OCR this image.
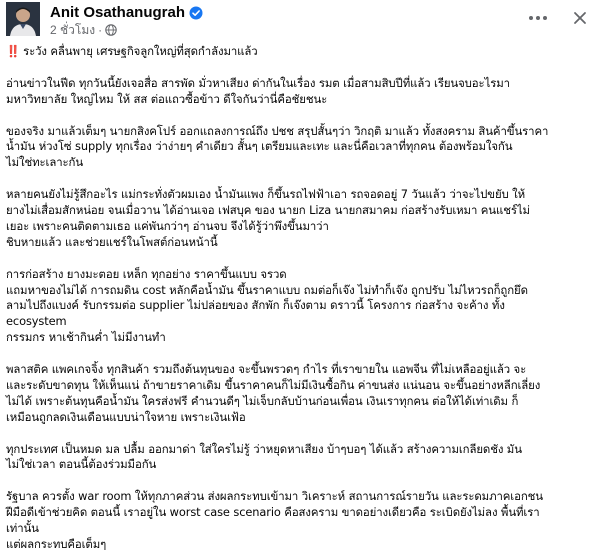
Anit Osathanugrah
2 ชั่วโมง ·

‼️ ระวัง คลื่นพายุ เศรษฐกิจลูกใหญ่ที่สุดกำลังมาแล้ว

อ่านข่าวในฟีด ทุกวันนี้ยังเจอสื่อ สารพัด มั่วหาเสียง ด่ากันในเรื่อง รมต เมื่อสามสิบปีที่แล้ว เรียนจบอะไรมา
มหาวิทยาลัย ใหญ่ไหม ให้ สส ต่อแถวซื้อข้าว ดีใจกันว่านี่คือชัยชนะ

ของจริง มาแล้วเต็มๆ นายกสิงคโปร์ ออกแถลงการณ์ถึง ปชช สรุปสั้นๆว่า วิกฤติ มาแล้ว ทั้งสงคราม สินค้าขึ้นราคา
น้ำมัน ห่วงโซ่ supply ทุกเรื่อง ว่าง่ายๆ คำเดียว สั้นๆ เตรียมและเทะ และนี่คือเวลาที่ทุกคน ต้องพร้อมใจกัน
ไม่ใช่ทะเลาะกัน

หลายคนยังไม่รู้สึกอะไร แม่กระทั่งตัวผมเอง น้ำมันแพง ก็ขึ้นรถไฟฟ้าเอา รถจอดอยู่ 7 วันแล้ว ว่าจะไปขยับ ให้
ยางไม่เสื่อมสักหน่อย จนเมื่อวาน ได้อ่านเจอ เฟสบุค ของ นายก Liza นายกสมาคม ก่อสร้างรับเหมา คนแชร์ไม่
เยอะ เพราะคนติดตามเธอ แค่พันกว่าๆ อ่านจบ จึงได้รู้ว่าพึงขึ้นมาว่า
ชิบหายแล้ว และช่วยแชร์ในโพสต์ก่อนหน้านี้

การก่อสร้าง ยางมะตอย เหล็ก ทุกอย่าง ราคาขึ้นแบบ จรวด
แถมหาของไม่ได้ การถมดิน cost หลักคือน้ำมัน ขึ้นราคาแบบ ถมต่อก็เจ๊ง ไม่ทำก็เจ๊ง ถูกปรับ ไม่ไหวรถก็ถูกยึด
ลามไปถึงแบงค์ รับกรรมต่อ supplier ไม่ปล่อยของ สักพัก ก็เจ๊งตาม ดราวนี้ โครงการ ก่อสร้าง จะค้าง ทั้ง
ecosystem
กรรมกร หาเช้ากินค่ำ ไม่มีงานทำ

พลาสติค แพคเกจจิ้ง ทุกสินค้า รวมถึงต้นทุนของ จะขึ้นพรวดๆ กำไร ที่เราขายใน แอพจีน ที่ไม่เหลืออยู่แล้ว จะ
และระดับขาดทุน ให้เห็นแน่ ถ้าขายราคาเดิม ขึ้นราคาคนก็ไม่มีเงินซื้อกิน ค่าขนส่ง แน่นอน จะขึ้นอย่างหลีกเลี่ยง
ไม่ได้ เพราะต้นทุนคือน้ำมัน ใครส่งฟรี คำนวนดีๆ ไม่เจ็บกลับบ้านก่อนเพื่อน เงินเราทุกคน ต่อให้ได้เท่าเดิม ก็
เหมือนถูกลดเงินเดือนแบบน่าใจหาย เพราะเงินเฟ้อ

ทุกประเทศ เป็นหมด มล ปลื้ม ออกมาด่า ใส่ใครไม่รู้ ว่าหยุดหาเสียง บ้าๆบอๆ ได้แล้ว สร้างความเกลียดชัง มัน
ไม่ใช่เวลา ตอนนี้ต้องร่วมมือกัน

รัฐบาล ควรตั้ง war room ให้ทุกภาคส่วน ส่งผลกระทบเข้ามา วิเคราะห์ สถานการณ์รายวัน และระดมภาคเอกชน
ฝีมือดีเข้าช่วยคิด ตอนนี้ เราอยู่ใน worst case scenario คือสงคราม ขาดอย่างเดียวคือ ระเบิดยังไม่ลง พื้นที่เรา
เท่านั้น
แต่ผลกระทบคือเต็มๆ
